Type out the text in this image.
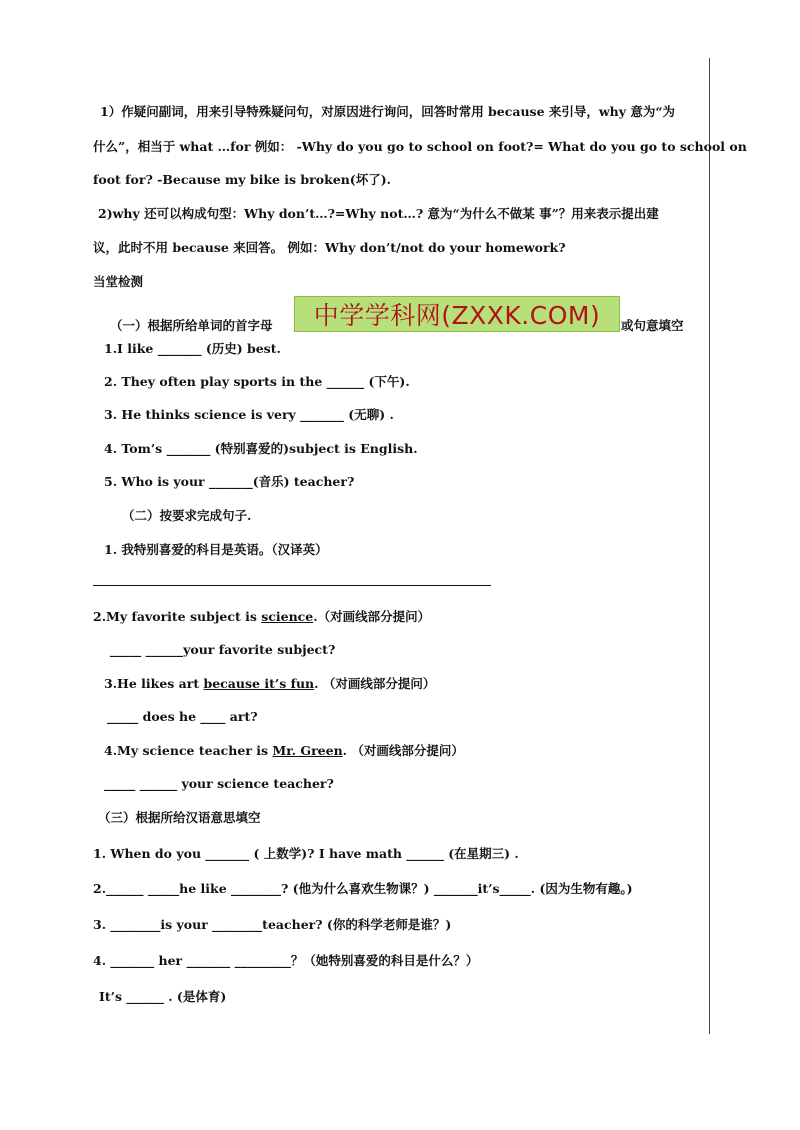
1）作疑问副词，用来引导特殊疑问句，对原因进行询问，回答时常用 because 来引导，why 意为“为
什么”，相当于 what …for 例如： -Why do you go to school on foot?= What do you go to school on
foot for? -Because my bike is broken(坏了).
2)why 还可以构成句型：Why don’t…?=Why not…? 意为“为什么不做某 事”？用来表示提出建
议，此时不用 because 来回答。 例如：Why don’t/not do your homework?
当堂检测
（一）根据所给单词的首字母 中学学科网(ZXXK.COM) 或句意填空
1.I like _______ (历史) best.
2. They often play sports in the ______ (下午).
3. He thinks science is very _______ (无聊) .
4. Tom’s _______ (特别喜爱的)subject is English.
5. Who is your _______(音乐) teacher?
（二）按要求完成句子.
1. 我特别喜爱的科目是英语。（汉译英）
2.My favorite subject is science.（对画线部分提问）
_____ ______your favorite subject?
3.He likes art because it’s fun. （对画线部分提问）
_____ does he ____ art?
4.My science teacher is Mr. Green. （对画线部分提问）
_____ ______ your science teacher?
（三）根据所给汉语意思填空
1. When do you _______ ( 上数学)? I have math ______ (在星期三) .
2.______ _____he like ________? (他为什么喜欢生物课？) _______it’s_____. (因为生物有趣。)
3. ________is your ________teacher? (你的科学老师是谁？)
4. _______ her _______ _________？（她特别喜爱的科目是什么？）
It’s ______ . (是体育)
